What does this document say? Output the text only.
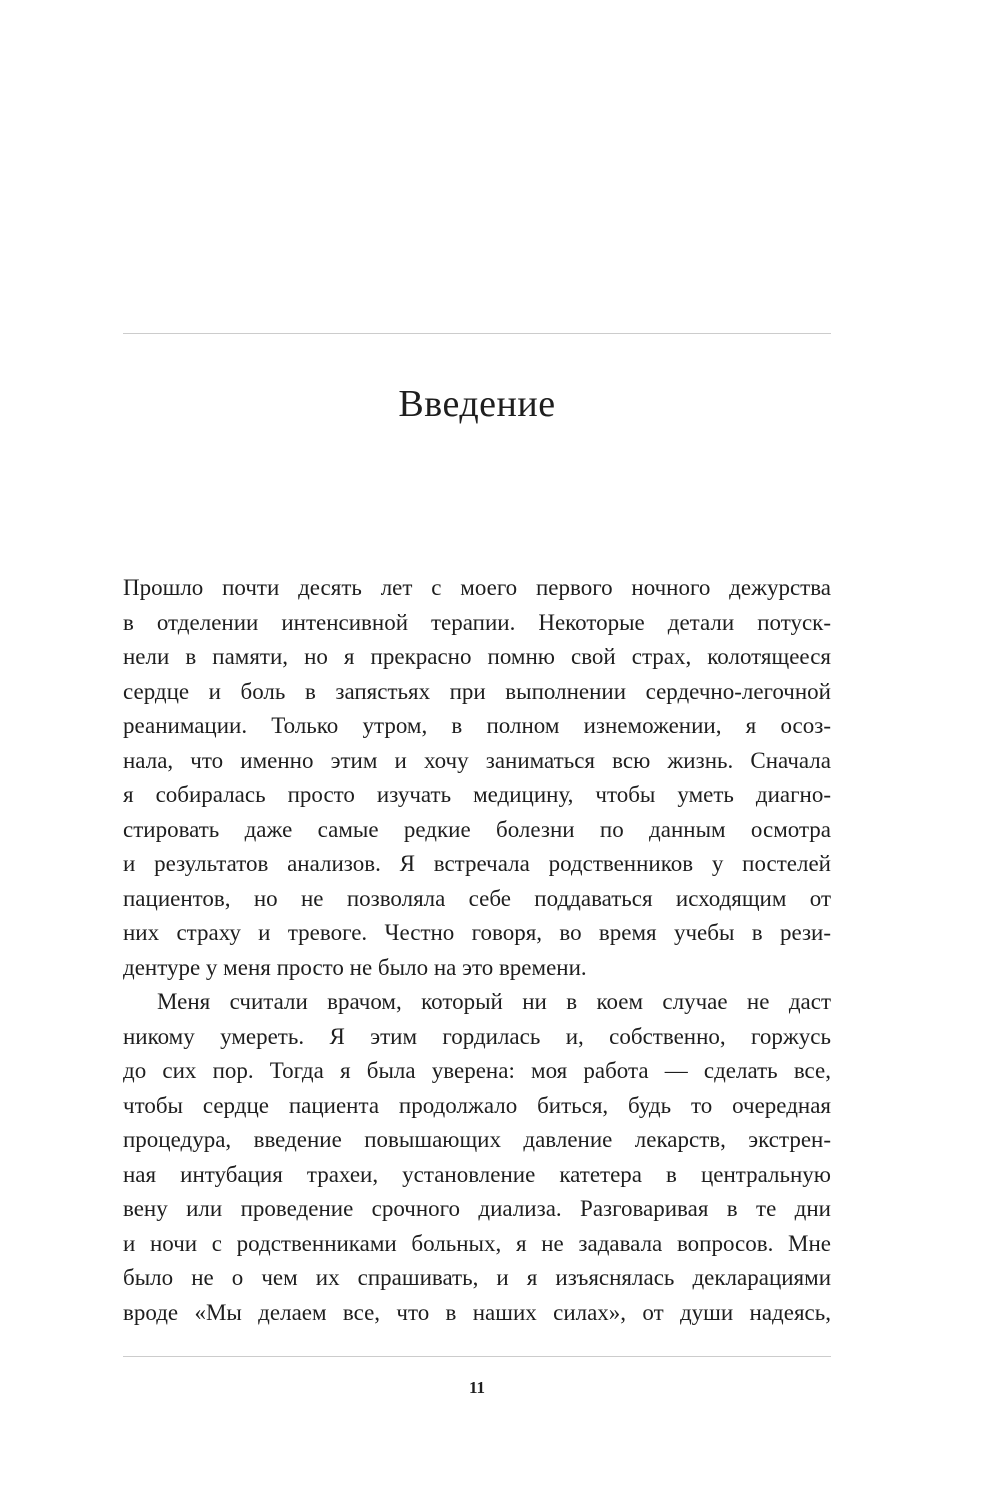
Введение
Прошло почти десять лет с моего первого ночного дежурства
в отделении интенсивной терапии. Некоторые детали потуск-
нели в памяти, но я прекрасно помню свой страх, колотящееся
сердце и боль в запястьях при выполнении сердечно-легочной
реанимации. Только утром, в полном изнеможении, я осоз-
нала, что именно этим и хочу заниматься всю жизнь. Сначала
я собиралась просто изучать медицину, чтобы уметь диагно-
стировать даже самые редкие болезни по данным осмотра
и результатов анализов. Я встречала родственников у постелей
пациентов, но не позволяла себе поддаваться исходящим от
них страху и тревоге. Честно говоря, во время учебы в рези-
дентуре у меня просто не было на это времени.
Меня считали врачом, который ни в коем случае не даст
никому умереть. Я этим гордилась и, собственно, горжусь
до сих пор. Тогда я была уверена: моя работа — сделать все,
чтобы сердце пациента продолжало биться, будь то очередная
процедура, введение повышающих давление лекарств, экстрен-
ная интубация трахеи, установление катетера в центральную
вену или проведение срочного диализа. Разговаривая в те дни
и ночи с родственниками больных, я не задавала вопросов. Мне
было не о чем их спрашивать, и я изъяснялась декларациями
вроде «Мы делаем все, что в наших силах», от души надеясь,
11
